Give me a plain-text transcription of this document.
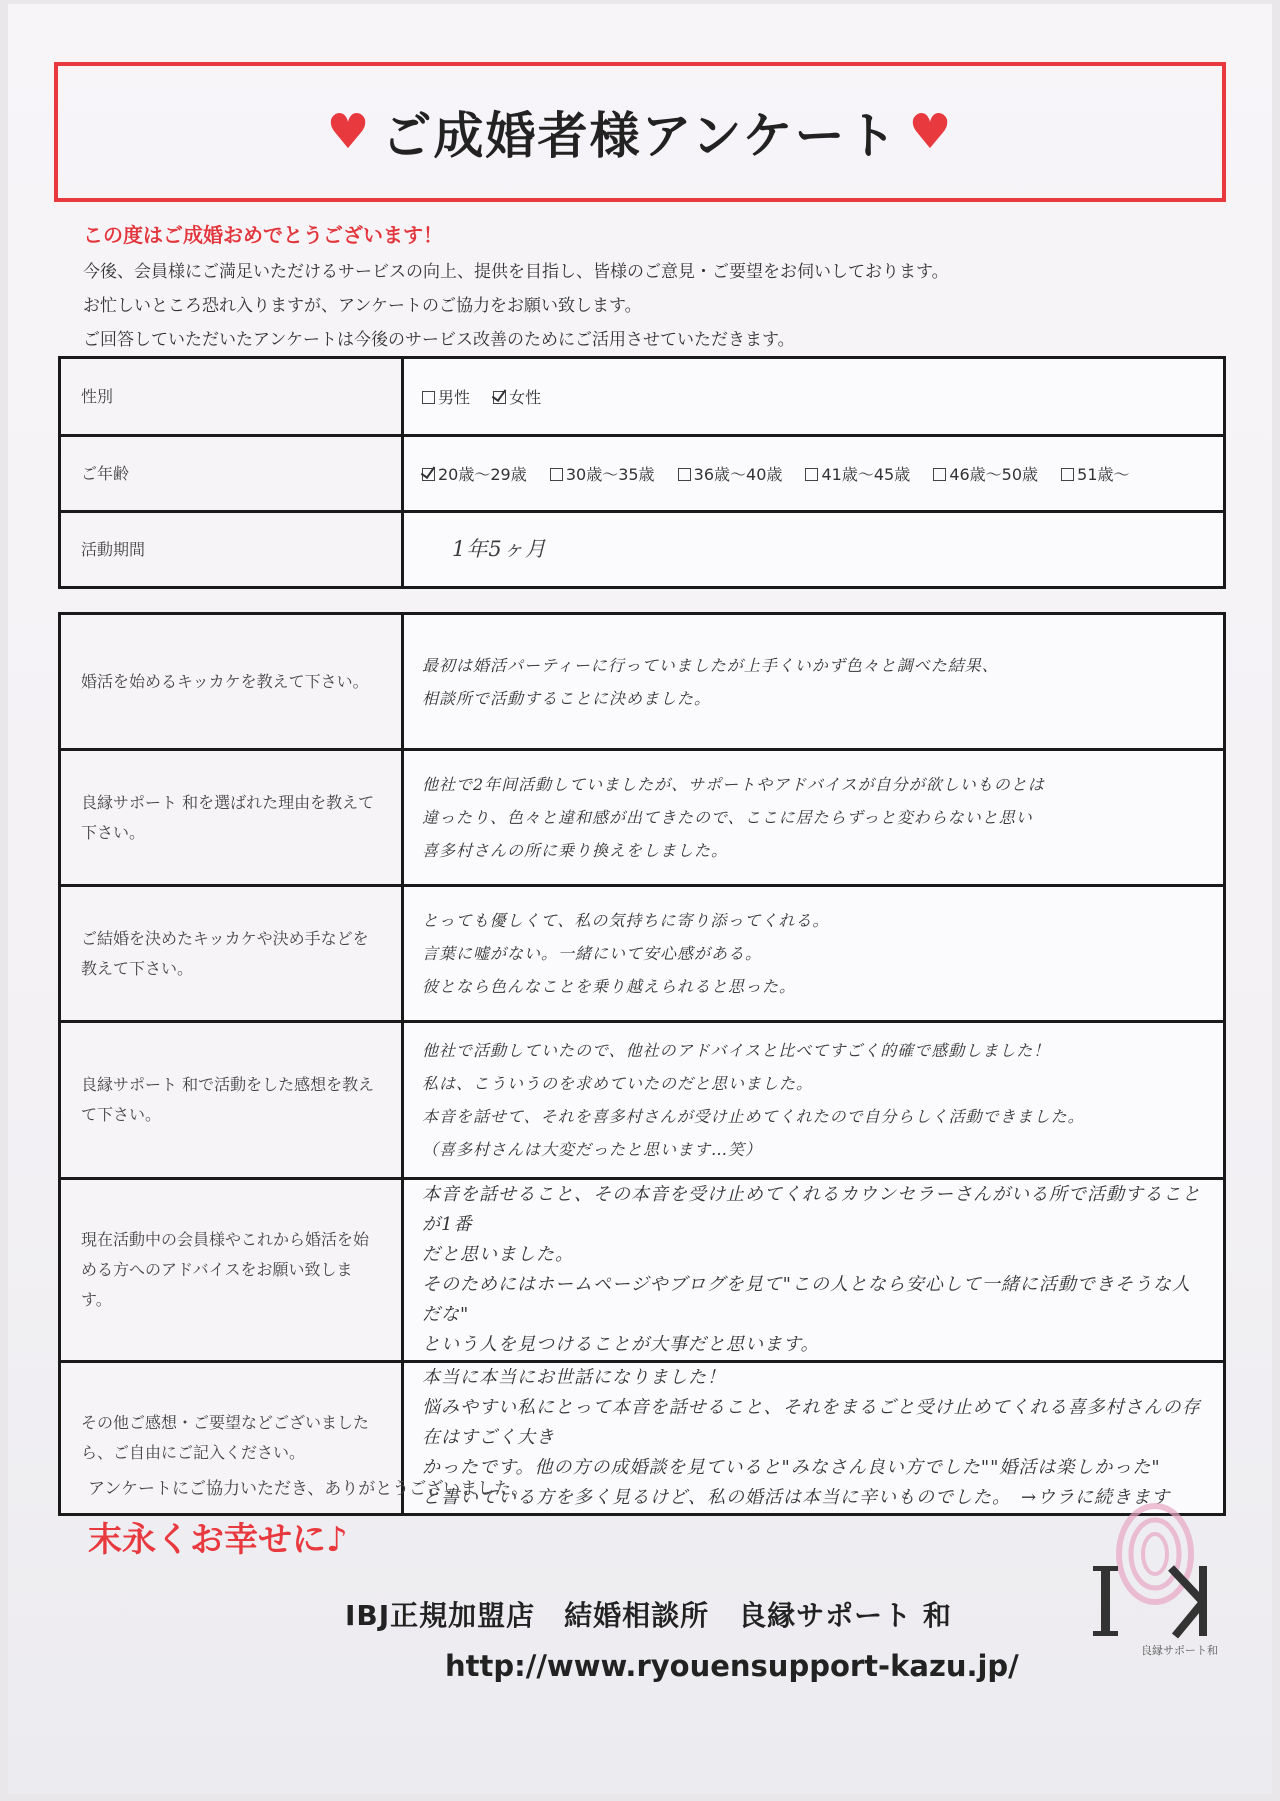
♥ ご成婚者様アンケート ♥
この度はご成婚おめでとうございます！
今後、会員様にご満足いただけるサービスの向上、提供を目指し、皆様のご意見・ご要望をお伺いしております。
お忙しいところ恐れ入りますが、アンケートのご協力をお願い致します。
ご回答していただいたアンケートは今後のサービス改善のためにご活用させていただきます。
性別	男性 女性
ご年齢	20歳～29歳 30歳～35歳 36歳～40歳 41歳～45歳 46歳～50歳 51歳～
活動期間	1年5ヶ月
婚活を始めるキッカケを教えて下さい。	最初は婚活パーティーに行っていましたが上手くいかず色々と調べた結果、
相談所で活動することに決めました。

良縁サポート 和を選ばれた理由を教えて下さい。	他社で2年间活動していましたが、サポートやアドバイスが自分が欲しいものとは
違ったり、色々と違和感が出てきたので、ここに居たらずっと変わらないと思い
喜多村さんの所に乗り換えをしました。

ご結婚を決めたキッカケや決め手などを教えて下さい。	とっても優しくて、私の気持ちに寄り添ってくれる。
言葉に嘘がない。一緒にいて安心感がある。
彼となら色んなことを乗り越えられると思った。

良縁サポート 和で活動をした感想を教えて下さい。	他社で活動していたので、他社のアドバイスと比べてすごく的確で感動しました！
私は、こういうのを求めていたのだと思いました。
本音を話せて、それを喜多村さんが受け止めてくれたので自分らしく活動できました。
（喜多村さんは大変だったと思います…笑）

現在活動中の会員様やこれから婚活を始める方へのアドバイスをお願い致します。	本音を話せること、その本音を受け止めてくれるカウンセラーさんがいる所で活動することが1番
だと思いました。
そのためにはホームページやブログを見て"この人となら安心して一緒に活動できそうな人だな"
という人を見つけることが大事だと思います。

その他ご感想・ご要望などございましたら、ご自由にご記入ください。	本当に本当にお世話になりました！
悩みやすい私にとって本音を話せること、それをまるごと受け止めてくれる喜多村さんの存在はすごく大き
かったです。他の方の成婚談を見ていると"みなさん良い方でした""婚活は楽しかった"
と書いている方を多く見るけど、私の婚活は本当に辛いものでした。　→ウラに続きます
アンケートにご協力いただき、ありがとうございました。
末永くお幸せに♪
IBJ正規加盟店　結婚相談所　良縁サポート 和
http://www.ryouensupport-kazu.jp/	良縁サポート和
